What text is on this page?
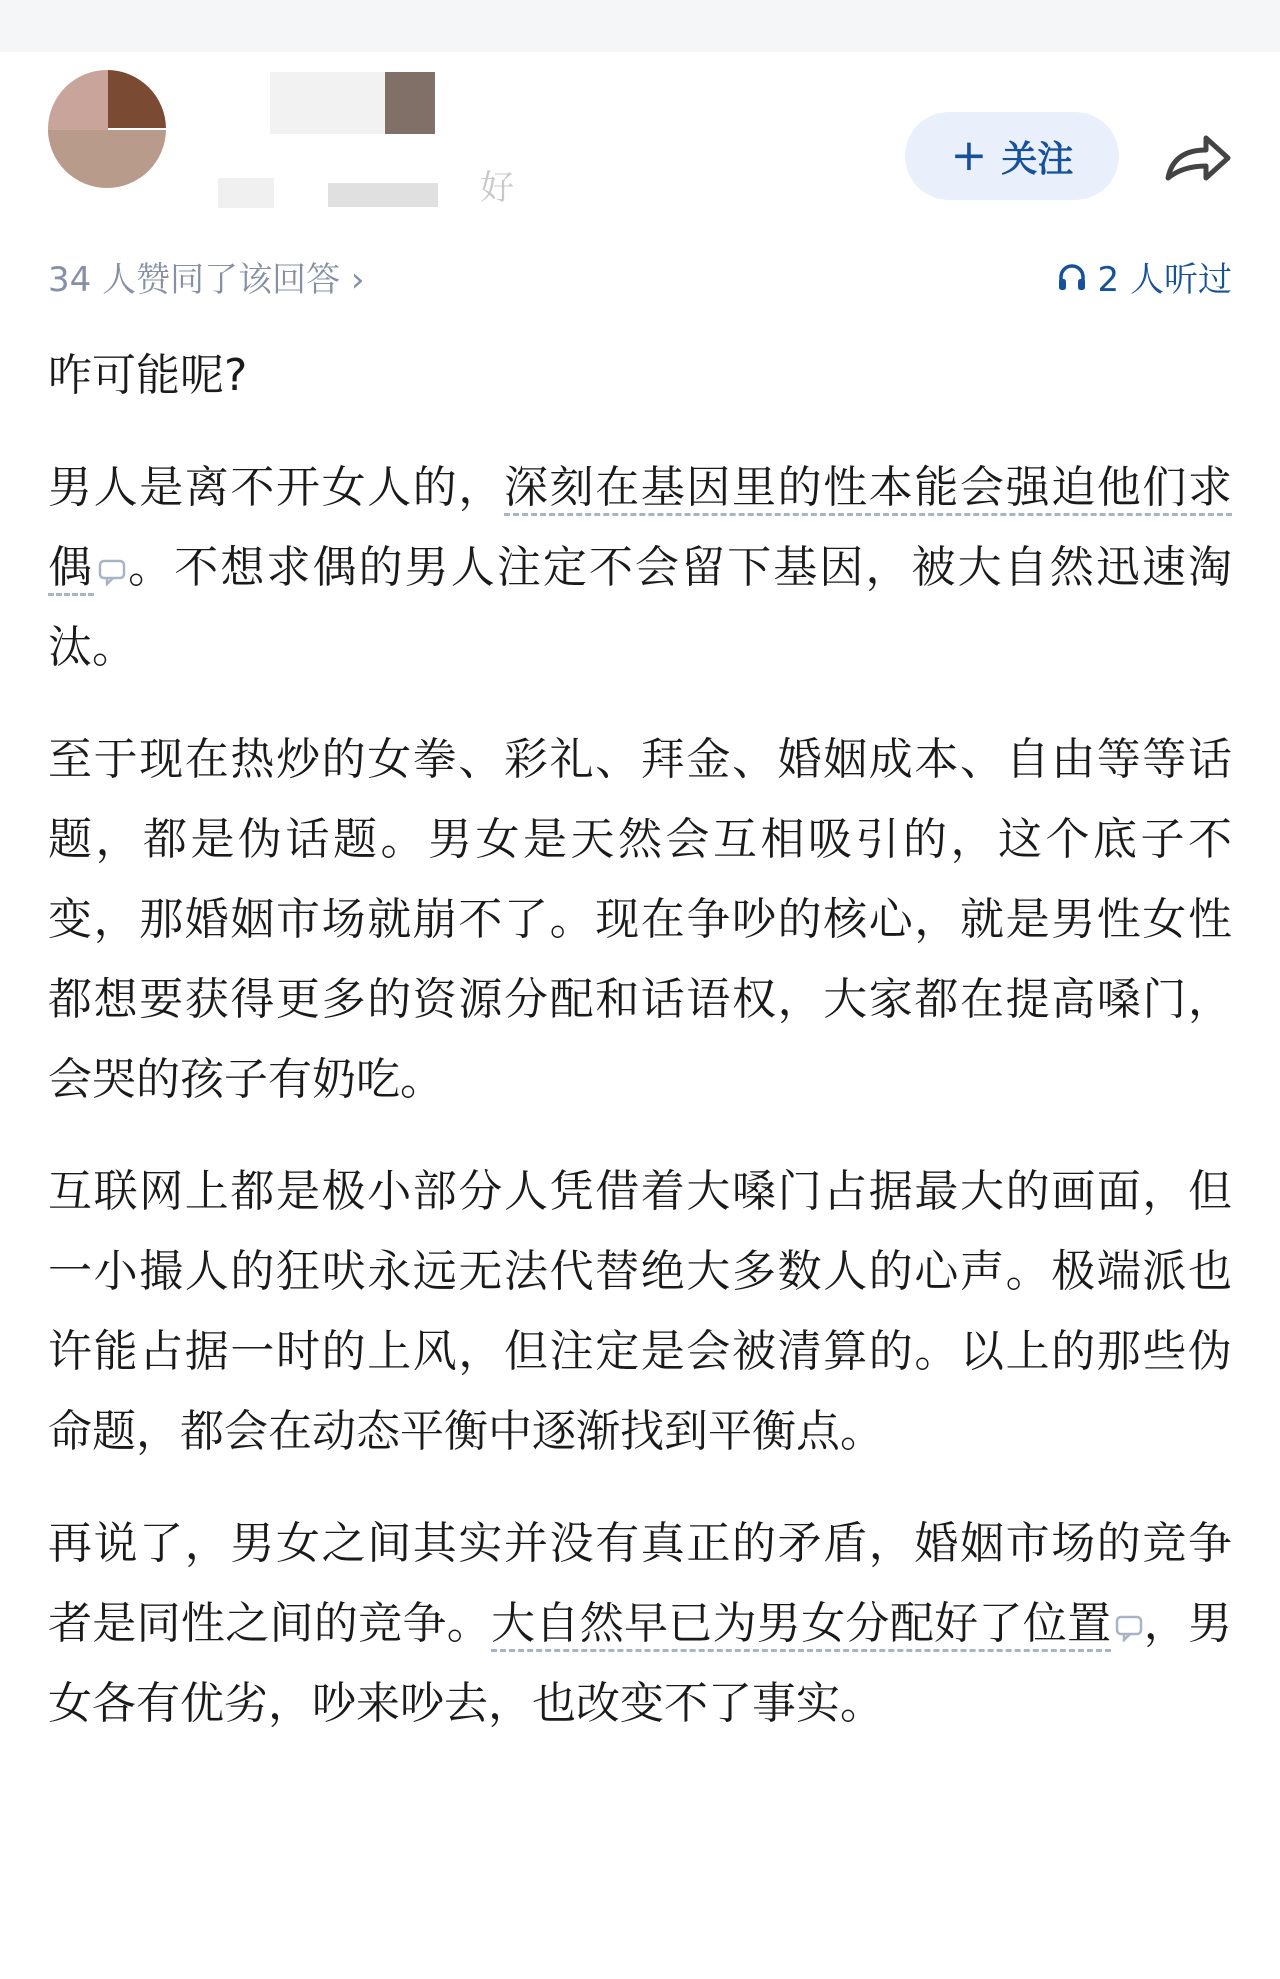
好
+ 关注
34 人赞同了该回答 ›	2 人听过

咋可能呢?

男人是离不开女人的，深刻在基因里的性本能会强迫他们求偶 。不想求偶的男人注定不会留下基因，被大自然迅速淘汰。

至于现在热炒的女拳、彩礼、拜金、婚姻成本、自由等等话题，都是伪话题。男女是天然会互相吸引的，这个底子不变，那婚姻市场就崩不了。现在争吵的核心，就是男性女性都想要获得更多的资源分配和话语权，大家都在提高嗓门，会哭的孩子有奶吃。

互联网上都是极小部分人凭借着大嗓门占据最大的画面，但一小撮人的狂吠永远无法代替绝大多数人的心声。极端派也许能占据一时的上风，但注定是会被清算的。以上的那些伪命题，都会在动态平衡中逐渐找到平衡点。

再说了，男女之间其实并没有真正的矛盾，婚姻市场的竞争者是同性之间的竞争。大自然早已为男女分配好了位置 ，男女各有优劣，吵来吵去，也改变不了事实。
